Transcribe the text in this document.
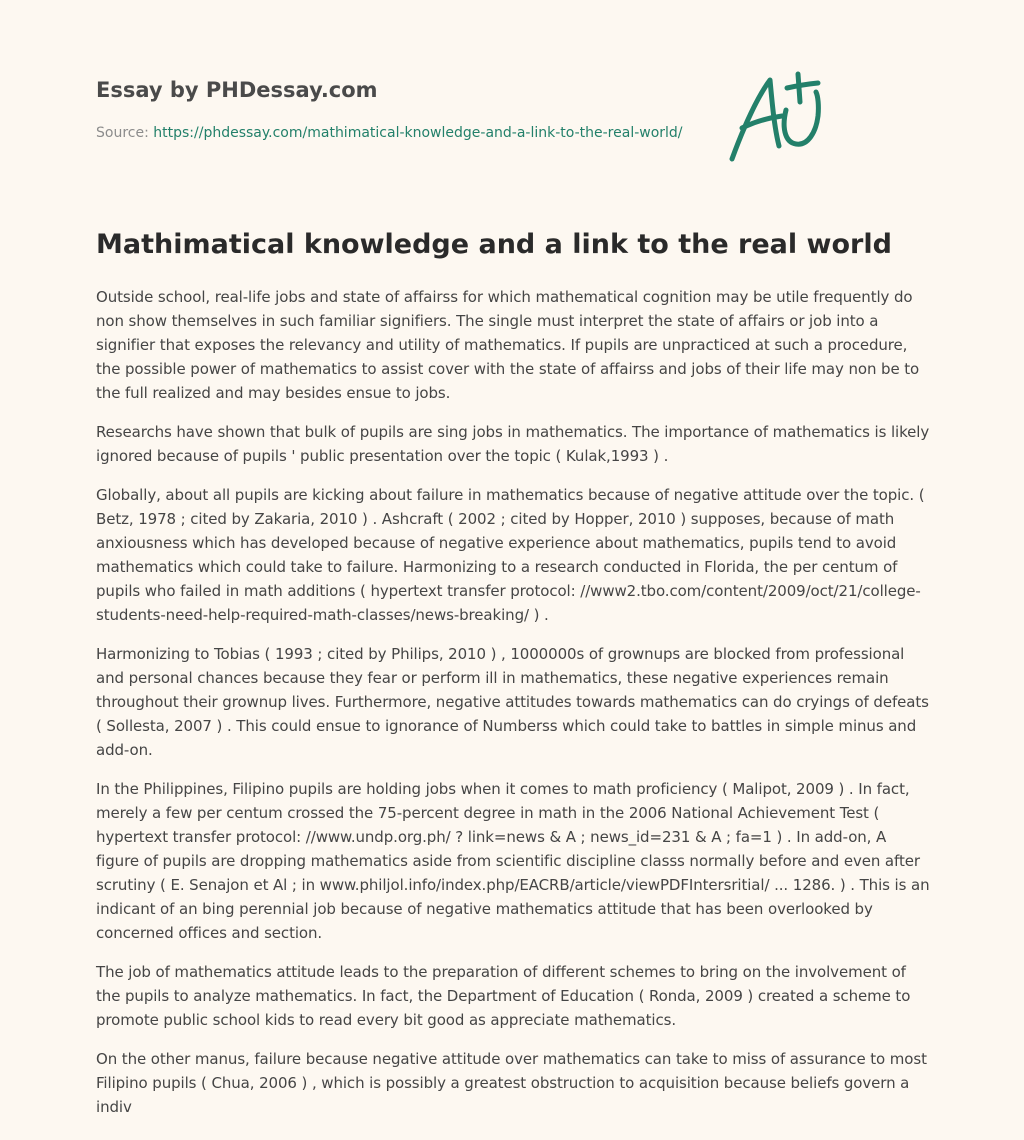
Essay by PHDessay.com
Source: https://phdessay.com/mathimatical-knowledge-and-a-link-to-the-real-world/
Mathimatical knowledge and a link to the real world

Outside school, real-life jobs and state of affairss for which mathematical cognition may be utile frequently do non show themselves in such familiar signifiers. The single must interpret the state of affairs or job into a signifier that exposes the relevancy and utility of mathematics. If pupils are unpracticed at such a procedure, the possible power of mathematics to assist cover with the state of affairss and jobs of their life may non be to the full realized and may besides ensue to jobs.

Researchs have shown that bulk of pupils are sing jobs in mathematics. The importance of mathematics is likely ignored because of pupils ' public presentation over the topic ( Kulak,1993 ) .

Globally, about all pupils are kicking about failure in mathematics because of negative attitude over the topic. ( Betz, 1978 ; cited by Zakaria, 2010 ) . Ashcraft ( 2002 ; cited by Hopper, 2010 ) supposes, because of math anxiousness which has developed because of negative experience about mathematics, pupils tend to avoid mathematics which could take to failure. Harmonizing to a research conducted in Florida, the per centum of pupils who failed in math additions ( hypertext transfer protocol: //www2.tbo.com/content/2009/oct/21/college-students-need-help-required-math-classes/news-breaking/ ) .

Harmonizing to Tobias ( 1993 ; cited by Philips, 2010 ) , 1000000s of grownups are blocked from professional and personal chances because they fear or perform ill in mathematics, these negative experiences remain throughout their grownup lives. Furthermore, negative attitudes towards mathematics can do cryings of defeats ( Sollesta, 2007 ) . This could ensue to ignorance of Numberss which could take to battles in simple minus and add-on.

In the Philippines, Filipino pupils are holding jobs when it comes to math proficiency ( Malipot, 2009 ) . In fact, merely a few per centum crossed the 75-percent degree in math in the 2006 National Achievement Test ( hypertext transfer protocol: //www.undp.org.ph/ ? link=news & A ; news_id=231 & A ; fa=1 ) . In add-on, A figure of pupils are dropping mathematics aside from scientific discipline classs normally before and even after scrutiny ( E. Senajon et Al ; in www.philjol.info/index.php/EACRB/article/viewPDFIntersritial/ ... 1286. ) . This is an indicant of an bing perennial job because of negative mathematics attitude that has been overlooked by concerned offices and section.

The job of mathematics attitude leads to the preparation of different schemes to bring on the involvement of the pupils to analyze mathematics. In fact, the Department of Education ( Ronda, 2009 ) created a scheme to promote public school kids to read every bit good as appreciate mathematics.

On the other manus, failure because negative attitude over mathematics can take to miss of assurance to most Filipino pupils ( Chua, 2006 ) , which is possibly a greatest obstruction to acquisition because beliefs govern a indiv
